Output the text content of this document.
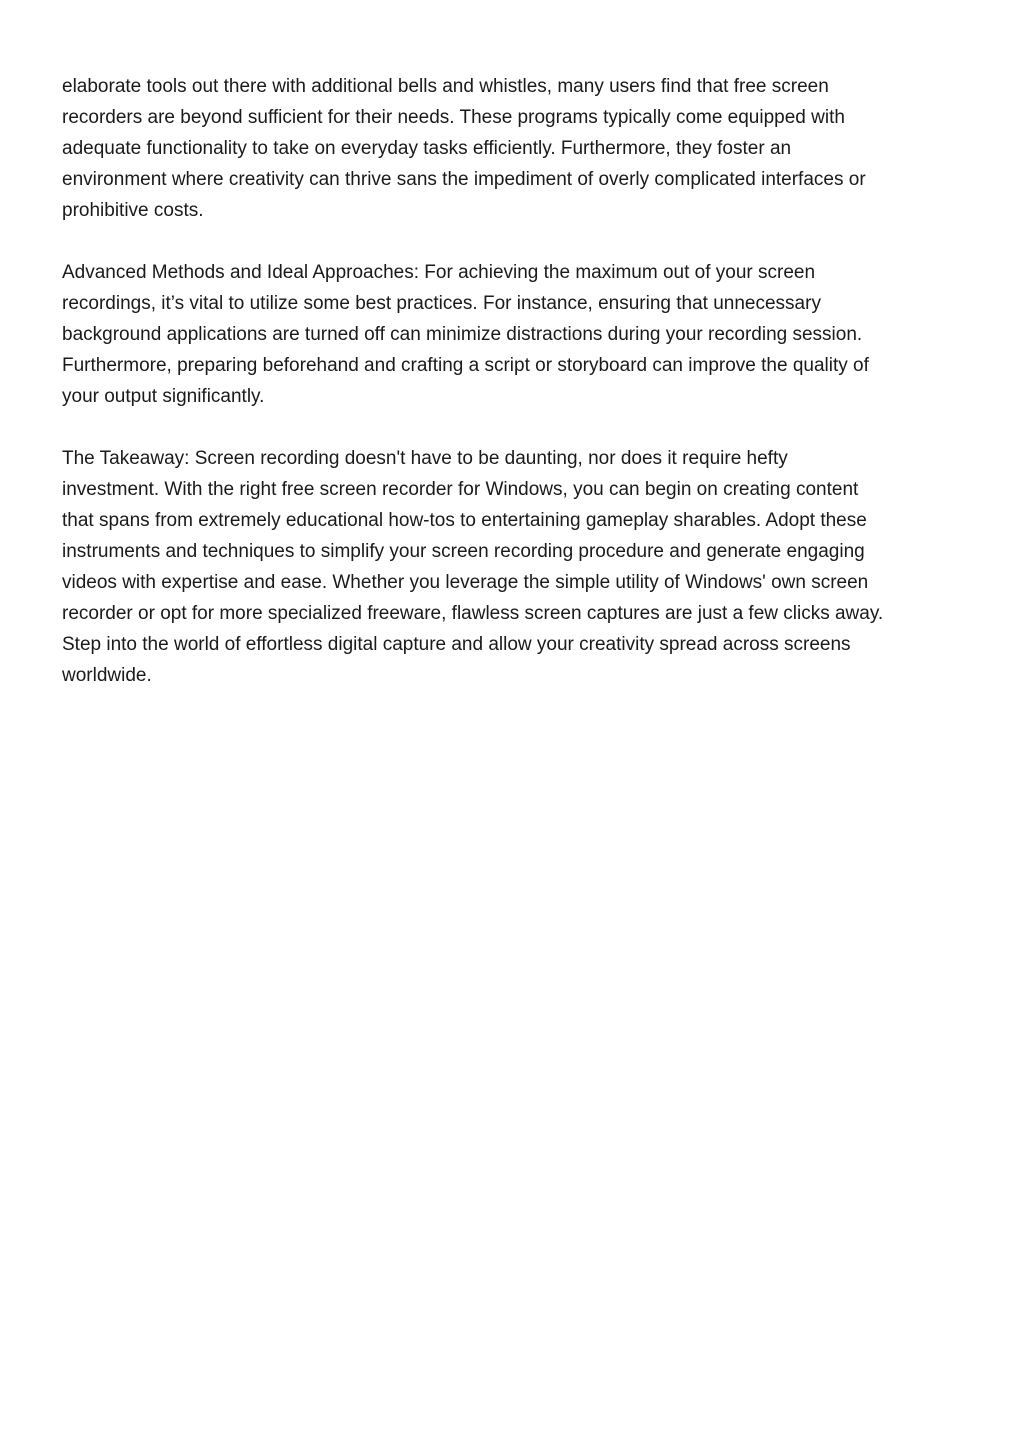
elaborate tools out there with additional bells and whistles, many users find that free screen
recorders are beyond sufficient for their needs. These programs typically come equipped with
adequate functionality to take on everyday tasks efficiently. Furthermore, they foster an
environment where creativity can thrive sans the impediment of overly complicated interfaces or
prohibitive costs.

Advanced Methods and Ideal Approaches: For achieving the maximum out of your screen
recordings, it’s vital to utilize some best practices. For instance, ensuring that unnecessary
background applications are turned off can minimize distractions during your recording session.
Furthermore, preparing beforehand and crafting a script or storyboard can improve the quality of
your output significantly.

The Takeaway: Screen recording doesn't have to be daunting, nor does it require hefty
investment. With the right free screen recorder for Windows, you can begin on creating content
that spans from extremely educational how-tos to entertaining gameplay sharables. Adopt these
instruments and techniques to simplify your screen recording procedure and generate engaging
videos with expertise and ease. Whether you leverage the simple utility of Windows' own screen
recorder or opt for more specialized freeware, flawless screen captures are just a few clicks away.
Step into the world of effortless digital capture and allow your creativity spread across screens
worldwide.
